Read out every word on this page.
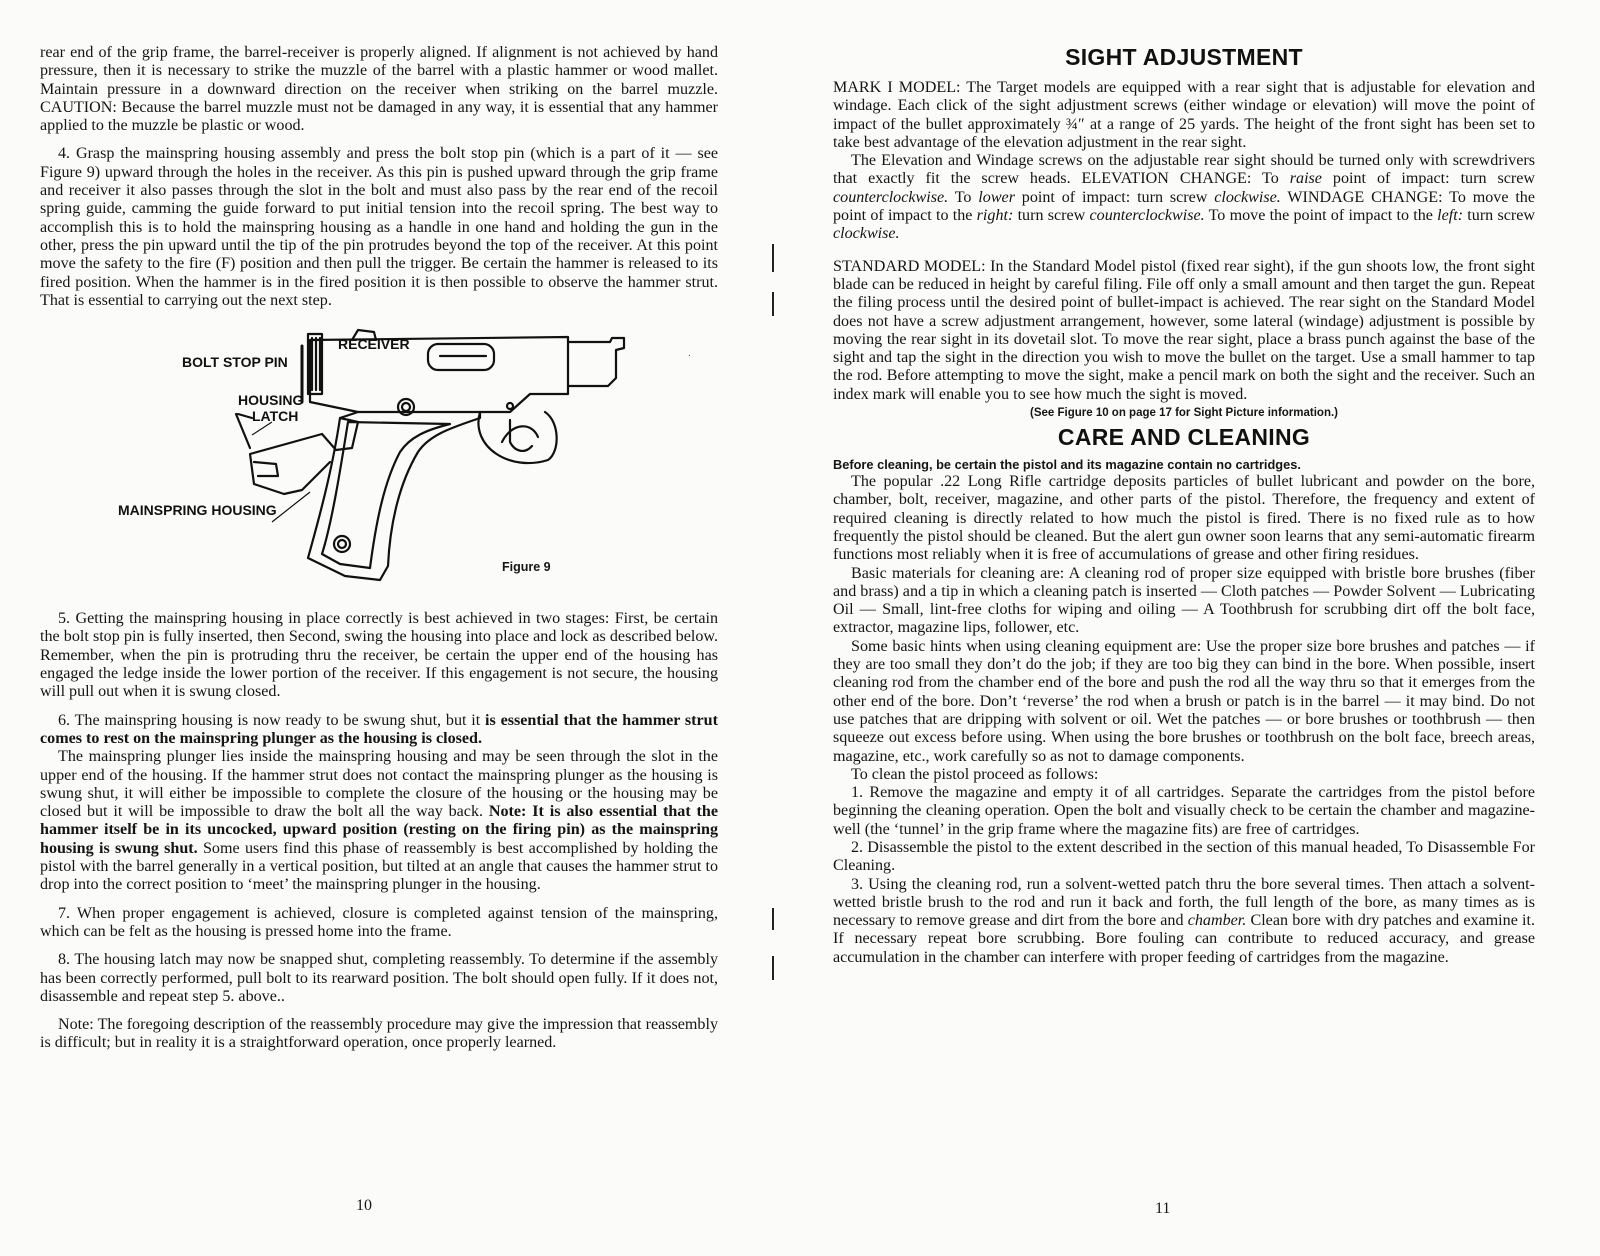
rear end of the grip frame, the barrel-receiver is properly aligned. If alignment is not achieved by hand pressure, then it is necessary to strike the muzzle of the barrel with a plastic hammer or wood mallet. Maintain pressure in a downward direction on the receiver when striking on the barrel muzzle. CAUTION: Because the barrel muzzle must not be damaged in any way, it is essential that any hammer applied to the muzzle be plastic or wood.

4. Grasp the mainspring housing assembly and press the bolt stop pin (which is a part of it — see Figure 9) upward through the holes in the receiver. As this pin is pushed upward through the grip frame and receiver it also passes through the slot in the bolt and must also pass by the rear end of the recoil spring guide, camming the guide forward to put initial tension into the recoil spring. The best way to accomplish this is to hold the mainspring housing as a handle in one hand and holding the gun in the other, press the pin upward until the tip of the pin protrudes beyond the top of the receiver. At this point move the safety to the fire (F) position and then pull the trigger. Be certain the hammer is released to its fired position. When the hammer is in the fired position it is then possible to observe the hammer strut. That is essential to carrying out the next step.

.
RECEIVER
BOLT STOP PIN
HOUSING
LATCH
MAINSPRING HOUSING
Figure 9

5. Getting the mainspring housing in place correctly is best achieved in two stages: First, be certain the bolt stop pin is fully inserted, then Second, swing the housing into place and lock as described below. Remember, when the pin is protruding thru the receiver, be certain the upper end of the housing has engaged the ledge inside the lower portion of the receiver. If this engagement is not secure, the housing will pull out when it is swung closed.

6. The mainspring housing is now ready to be swung shut, but it is essential that the hammer strut comes to rest on the mainspring plunger as the housing is closed.

The mainspring plunger lies inside the mainspring housing and may be seen through the slot in the upper end of the housing. If the hammer strut does not contact the mainspring plunger as the housing is swung shut, it will either be impossible to complete the closure of the housing or the housing may be closed but it will be impossible to draw the bolt all the way back. Note: It is also essential that the hammer itself be in its uncocked, upward position (resting on the firing pin) as the mainspring housing is swung shut. Some users find this phase of reassembly is best accomplished by holding the pistol with the barrel generally in a vertical position, but tilted at an angle that causes the hammer strut to drop into the correct position to ‘meet’ the mainspring plunger in the housing.

7. When proper engagement is achieved, closure is completed against tension of the mainspring, which can be felt as the housing is pressed home into the frame.

8. The housing latch may now be snapped shut, completing reassembly. To determine if the assembly has been correctly performed, pull bolt to its rearward position. The bolt should open fully. If it does not, disassemble and repeat step 5. above..

Note: The foregoing description of the reassembly procedure may give the impression that reassembly is difficult; but in reality it is a straightforward operation, once properly learned.

10
SIGHT ADJUSTMENT

MARK I MODEL: The Target models are equipped with a rear sight that is adjustable for elevation and windage. Each click of the sight adjustment screws (either windage or elevation) will move the point of impact of the bullet approximately ¾″ at a range of 25 yards. The height of the front sight has been set to take best advantage of the elevation adjustment in the rear sight.

The Elevation and Windage screws on the adjustable rear sight should be turned only with screwdrivers that exactly fit the screw heads. ELEVATION CHANGE: To raise point of impact: turn screw counterclockwise. To lower point of impact: turn screw clockwise. WINDAGE CHANGE: To move the point of impact to the right: turn screw counterclockwise. To move the point of impact to the left: turn screw clockwise.

STANDARD MODEL: In the Standard Model pistol (fixed rear sight), if the gun shoots low, the front sight blade can be reduced in height by careful filing. File off only a small amount and then target the gun. Repeat the filing process until the desired point of bullet-impact is achieved. The rear sight on the Standard Model does not have a screw adjustment arrangement, however, some lateral (windage) adjustment is possible by moving the rear sight in its dovetail slot. To move the rear sight, place a brass punch against the base of the sight and tap the sight in the direction you wish to move the bullet on the target. Use a small hammer to tap the rod. Before attempting to move the sight, make a pencil mark on both the sight and the receiver. Such an index mark will enable you to see how much the sight is moved.

(See Figure 10 on page 17 for Sight Picture information.)
CARE AND CLEANING
Before cleaning, be certain the pistol and its magazine contain no cartridges.

The popular .22 Long Rifle cartridge deposits particles of bullet lubricant and powder on the bore, chamber, bolt, receiver, magazine, and other parts of the pistol. Therefore, the frequency and extent of required cleaning is directly related to how much the pistol is fired. There is no fixed rule as to how frequently the pistol should be cleaned. But the alert gun owner soon learns that any semi-automatic firearm functions most reliably when it is free of accumulations of grease and other firing residues.

Basic materials for cleaning are: A cleaning rod of proper size equipped with bristle bore brushes (fiber and brass) and a tip in which a cleaning patch is inserted — Cloth patches — Powder Solvent — Lubricating Oil — Small, lint-free cloths for wiping and oiling — A Toothbrush for scrubbing dirt off the bolt face, extractor, magazine lips, follower, etc.

Some basic hints when using cleaning equipment are: Use the proper size bore brushes and patches — if they are too small they don’t do the job; if they are too big they can bind in the bore. When possible, insert cleaning rod from the chamber end of the bore and push the rod all the way thru so that it emerges from the other end of the bore. Don’t ‘reverse’ the rod when a brush or patch is in the barrel — it may bind. Do not use patches that are dripping with solvent or oil. Wet the patches — or bore brushes or toothbrush — then squeeze out excess before using. When using the bore brushes or toothbrush on the bolt face, breech areas, magazine, etc., work carefully so as not to damage components.

To clean the pistol proceed as follows:

1. Remove the magazine and empty it of all cartridges. Separate the cartridges from the pistol before beginning the cleaning operation. Open the bolt and visually check to be certain the chamber and magazine-well (the ‘tunnel’ in the grip frame where the magazine fits) are free of cartridges.

2. Disassemble the pistol to the extent described in the section of this manual headed, To Disassemble For Cleaning.

3. Using the cleaning rod, run a solvent-wetted patch thru the bore several times. Then attach a solvent-wetted bristle brush to the rod and run it back and forth, the full length of the bore, as many times as is necessary to remove grease and dirt from the bore and chamber. Clean bore with dry patches and examine it. If necessary repeat bore scrubbing. Bore fouling can contribute to reduced accuracy, and grease accumulation in the chamber can interfere with proper feeding of cartridges from the magazine.

11
